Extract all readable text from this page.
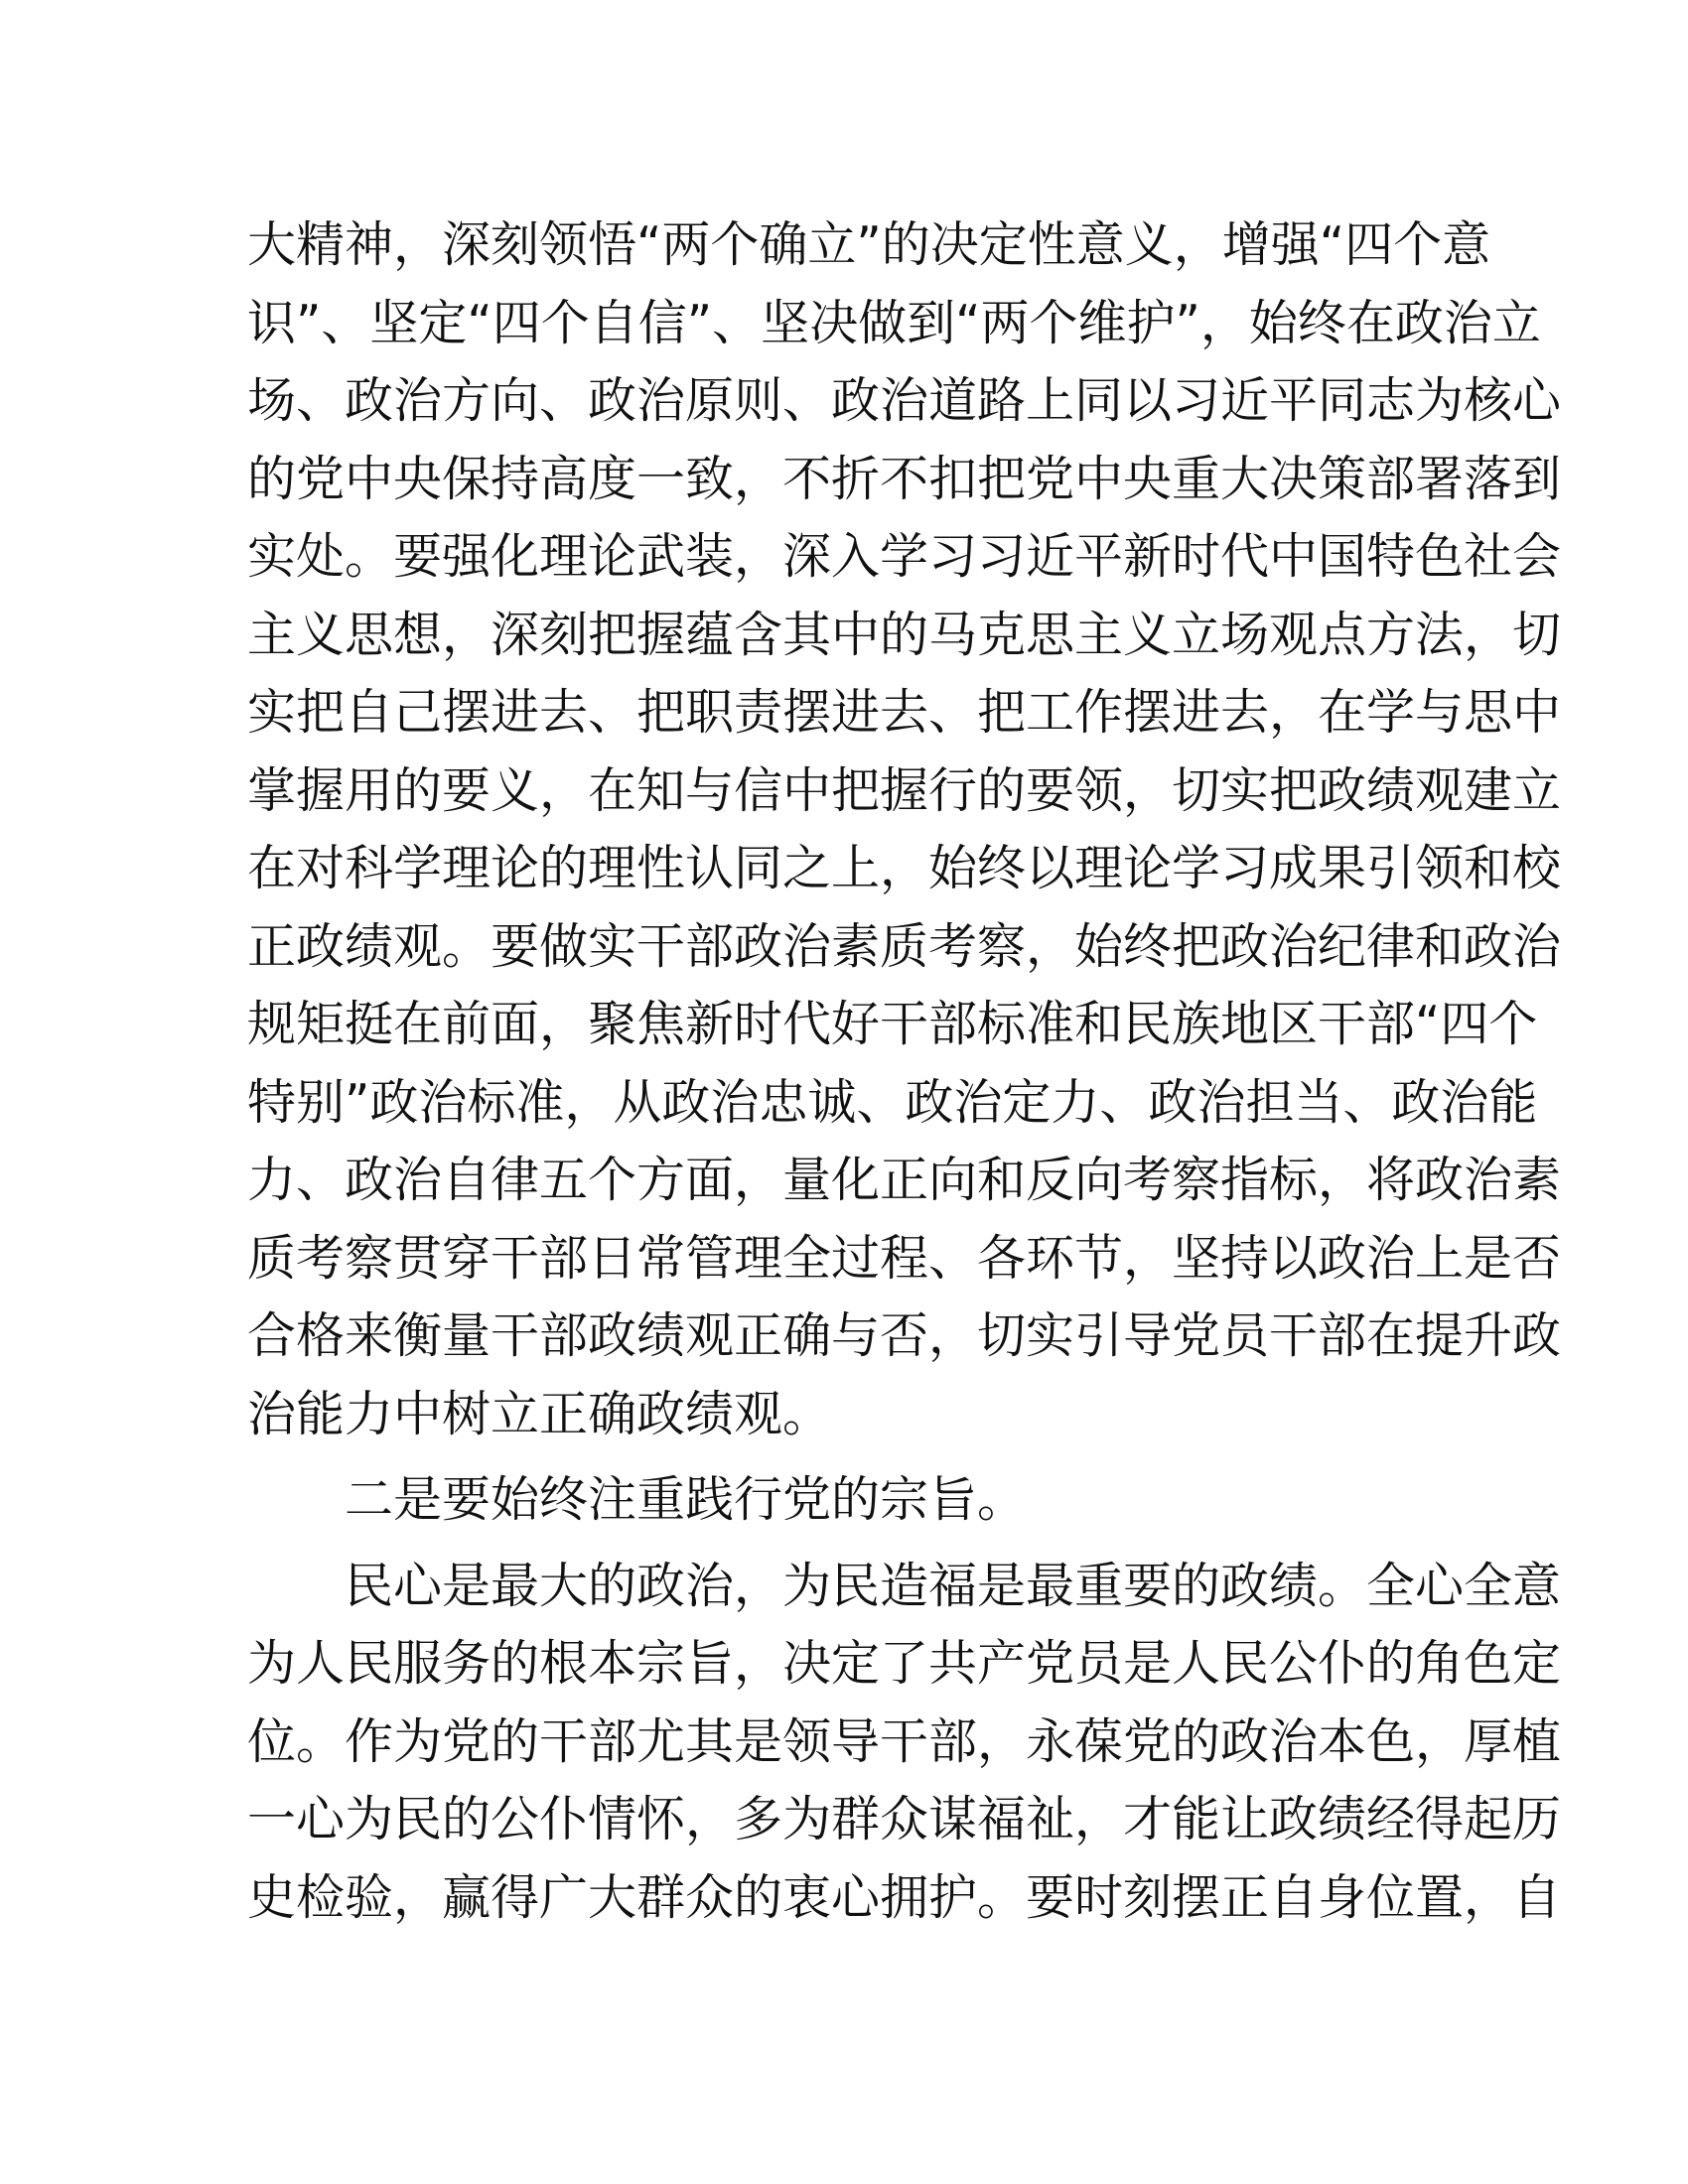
大精神，深刻领悟“两个确立”的决定性意义，增强“四个意
识”、坚定“四个自信”、坚决做到“两个维护”，始终在政治立
场、政治方向、政治原则、政治道路上同以习近平同志为核心
的党中央保持高度一致，不折不扣把党中央重大决策部署落到
实处。要强化理论武装，深入学习习近平新时代中国特色社会
主义思想，深刻把握蕴含其中的马克思主义立场观点方法，切
实把自己摆进去、把职责摆进去、把工作摆进去，在学与思中
掌握用的要义，在知与信中把握行的要领，切实把政绩观建立
在对科学理论的理性认同之上，始终以理论学习成果引领和校
正政绩观。要做实干部政治素质考察，始终把政治纪律和政治
规矩挺在前面，聚焦新时代好干部标准和民族地区干部“四个
特别”政治标准，从政治忠诚、政治定力、政治担当、政治能
力、政治自律五个方面，量化正向和反向考察指标，将政治素
质考察贯穿干部日常管理全过程、各环节，坚持以政治上是否
合格来衡量干部政绩观正确与否，切实引导党员干部在提升政
治能力中树立正确政绩观。
　　二是要始终注重践行党的宗旨。
　　民心是最大的政治，为民造福是最重要的政绩。全心全意
为人民服务的根本宗旨，决定了共产党员是人民公仆的角色定
位。作为党的干部尤其是领导干部，永葆党的政治本色，厚植
一心为民的公仆情怀，多为群众谋福祉，才能让政绩经得起历
史检验，赢得广大群众的衷心拥护。要时刻摆正自身位置，自
